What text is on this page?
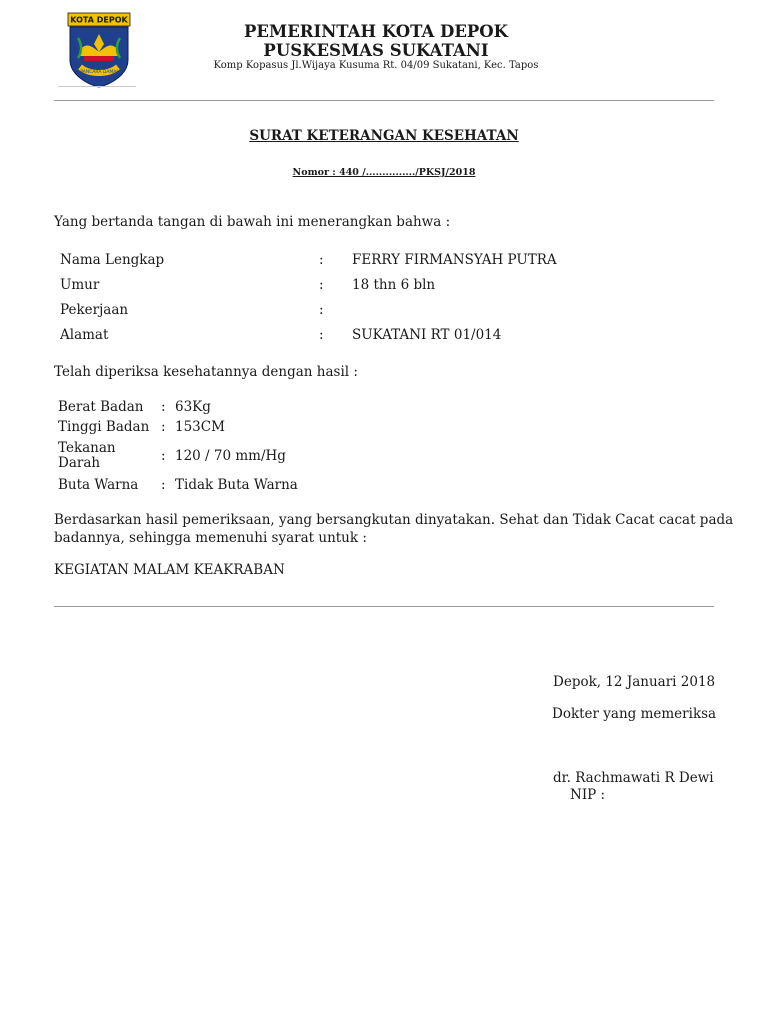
KOTA DEPOK
PANCARA DAMAI
PEMERINTAH KOTA DEPOK
PUSKESMAS SUKATANI
Komp Kopasus Jl.Wijaya Kusuma Rt. 04/09 Sukatani, Kec. Tapos
SURAT KETERANGAN KESEHATAN
Nomor : 440 /.............../PKSJ/2018
Yang bertanda tangan di bawah ini menerangkan bahwa :
Nama Lengkap	: FERRY FIRMANSYAH PUTRA
Umur	: 18 thn 6 bln
Pekerjaan	:
Alamat	: SUKATANI RT 01/014
Telah diperiksa kesehatannya dengan hasil :
Berat Badan : 63Kg
Tinggi Badan : 153CM
Tekanan Darah	: 120 / 70 mm/Hg
Buta Warna : Tidak Buta Warna
Berdasarkan hasil pemeriksaan, yang bersangkutan dinyatakan. Sehat dan Tidak Cacat cacat pada
badannya, sehingga memenuhi syarat untuk :
KEGIATAN MALAM KEAKRABAN
Depok, 12 Januari 2018
Dokter yang memeriksa
dr. Rachmawati R Dewi
NIP :
